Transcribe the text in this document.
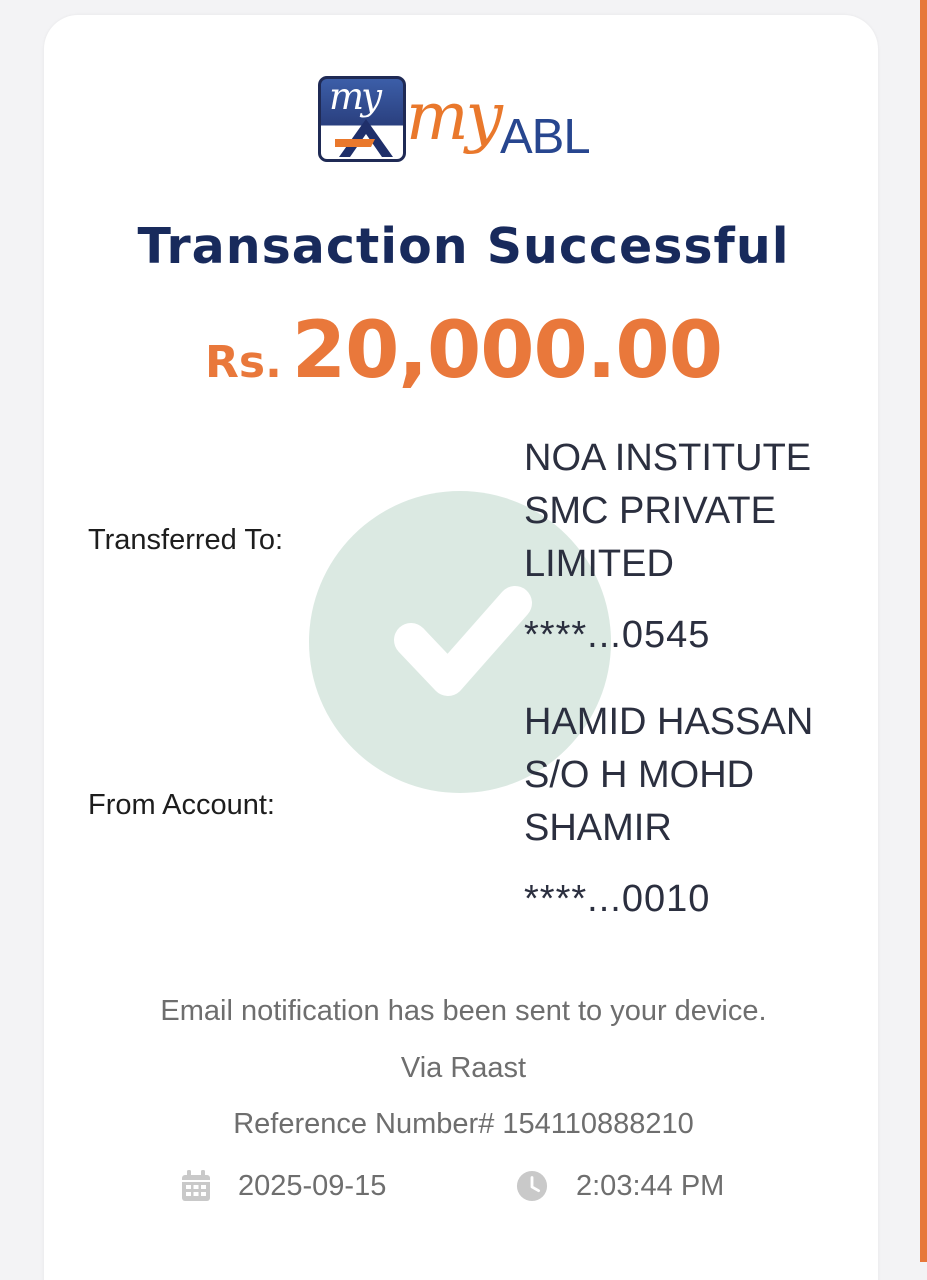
my my ABL
Transaction Successful
Rs. 20,000.00
Transferred To:
NOA INSTITUTE
SMC PRIVATE
LIMITED
****...0545
From Account:
HAMID HASSAN
S/O H MOHD
SHAMIR
****...0010
Email notification has been sent to your device.
Via Raast
Reference Number# 154110888210
2025-09-15	2:03:44 PM
